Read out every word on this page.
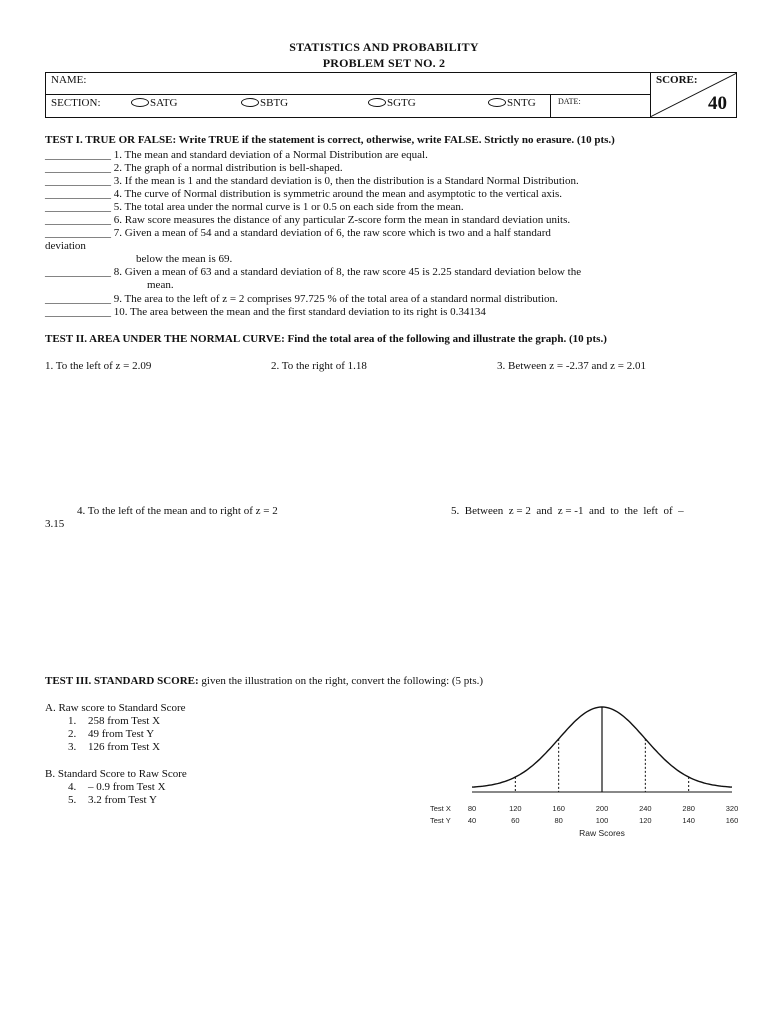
STATISTICS AND PROBABILITY
PROBLEM SET NO. 2
NAME:
SECTION:	SATG	SBTG	SGTG	SNTG	DATE:
SCORE:
40
TEST I. TRUE OR FALSE: Write TRUE if the statement is correct, otherwise, write FALSE. Strictly no erasure. (10 pts.)
____________ 1. The mean and standard deviation of a Normal Distribution are equal.
____________ 2. The graph of a normal distribution is bell-shaped.
____________ 3. If the mean is 1 and the standard deviation is 0, then the distribution is a Standard Normal Distribution.
____________ 4. The curve of Normal distribution is symmetric around the mean and asymptotic to the vertical axis.
____________ 5. The total area under the normal curve is 1 or 0.5 on each side from the mean.
____________ 6. Raw score measures the distance of any particular Z-score form the mean in standard deviation units.
____________ 7. Given a mean of 54 and a standard deviation of 6, the raw score which is two and a half standard
deviation
below the mean is 69.
____________ 8. Given a mean of 63 and a standard deviation of 8, the raw score 45 is 2.25 standard deviation below the
mean.
____________ 9. The area to the left of z = 2 comprises 97.725 % of the total area of a standard normal distribution.
____________ 10. The area between the mean and the first standard deviation to its right is 0.34134
TEST II. AREA UNDER THE NORMAL CURVE: Find the total area of the following and illustrate the graph. (10 pts.)
1. To the left of z = 2.09	2. To the right of 1.18	3. Between z = -2.37 and z = 2.01
4. To the left of the mean and to right of z = 2	5.  Between  z = 2  and  z = -1  and  to  the  left  of  –
3.15
TEST III. STANDARD SCORE: given the illustration on the right, convert the following: (5 pts.)
A. Raw score to Standard Score
1. 258 from Test X
2. 49 from Test Y
3. 126 from Test X
B. Standard Score to Raw Score
4. – 0.9 from Test X
5. 3.2 from Test Y
80	120	160	200	240	280	320
40	60	80	100	120	140	160
Test X
Test Y
Raw Scores
